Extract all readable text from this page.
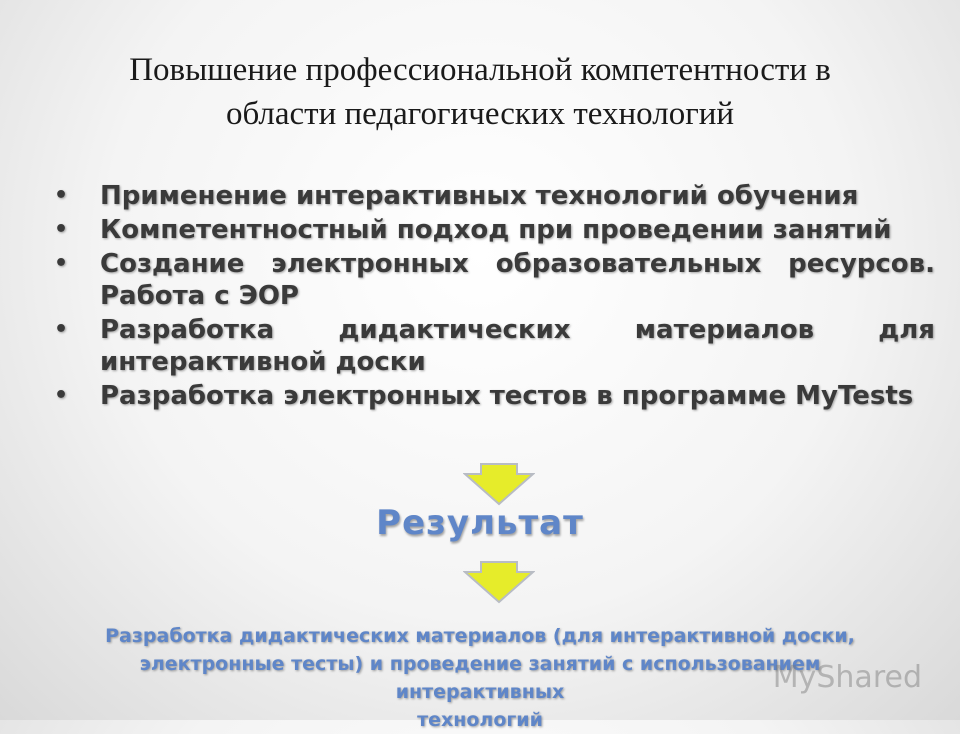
Повышение профессиональной компетентности в
области педагогических технологий
• Применение интерактивных технологий обучения
• Компетентностный подход при проведении занятий
• Создание электронных образовательных ресурсов.
Работа с ЭОР
• Разработка дидактических материалов для
интерактивной доски
• Разработка электронных тестов в программе MyTests
Результат
Разработка дидактических материалов (для интерактивной доски,
электронные тесты) и проведение занятий с использованием интерактивных
технологий
MyShared
